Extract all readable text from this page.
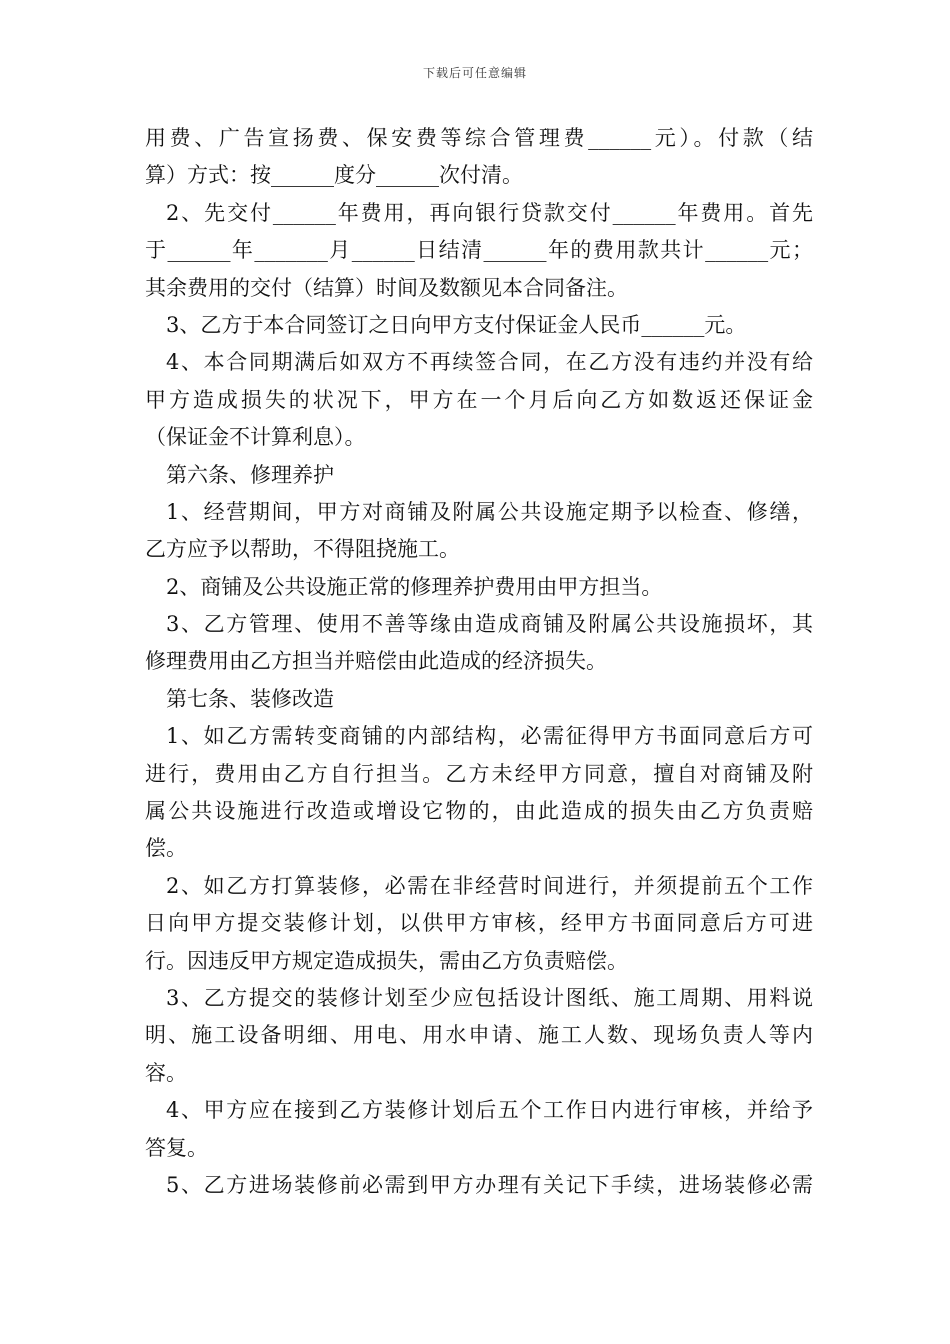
下载后可任意编辑
用费、广告宣扬费、保安费等综合管理费______元）。付款（结
算）方式：按______度分______次付清。
2、先交付______年费用，再向银行贷款交付______年费用。首先
于______年_______月______日结清______年的费用款共计______元；
其余费用的交付（结算）时间及数额见本合同备注。
3、乙方于本合同签订之日向甲方支付保证金人民币______元。
4、本合同期满后如双方不再续签合同，在乙方没有违约并没有给
甲方造成损失的状况下，甲方在一个月后向乙方如数返还保证金
（保证金不计算利息）。
第六条、修理养护
1、经营期间，甲方对商铺及附属公共设施定期予以检查、修缮，
乙方应予以帮助，不得阻挠施工。
2、商铺及公共设施正常的修理养护费用由甲方担当。
3、乙方管理、使用不善等缘由造成商铺及附属公共设施损坏，其
修理费用由乙方担当并赔偿由此造成的经济损失。
第七条、装修改造
1、如乙方需转变商铺的内部结构，必需征得甲方书面同意后方可
进行，费用由乙方自行担当。乙方未经甲方同意，擅自对商铺及附
属公共设施进行改造或增设它物的，由此造成的损失由乙方负责赔
偿。
2、如乙方打算装修，必需在非经营时间进行，并须提前五个工作
日向甲方提交装修计划，以供甲方审核，经甲方书面同意后方可进
行。因违反甲方规定造成损失，需由乙方负责赔偿。
3、乙方提交的装修计划至少应包括设计图纸、施工周期、用料说
明、施工设备明细、用电、用水申请、施工人数、现场负责人等内
容。
4、甲方应在接到乙方装修计划后五个工作日内进行审核，并给予
答复。
5、乙方进场装修前必需到甲方办理有关记下手续，进场装修必需
